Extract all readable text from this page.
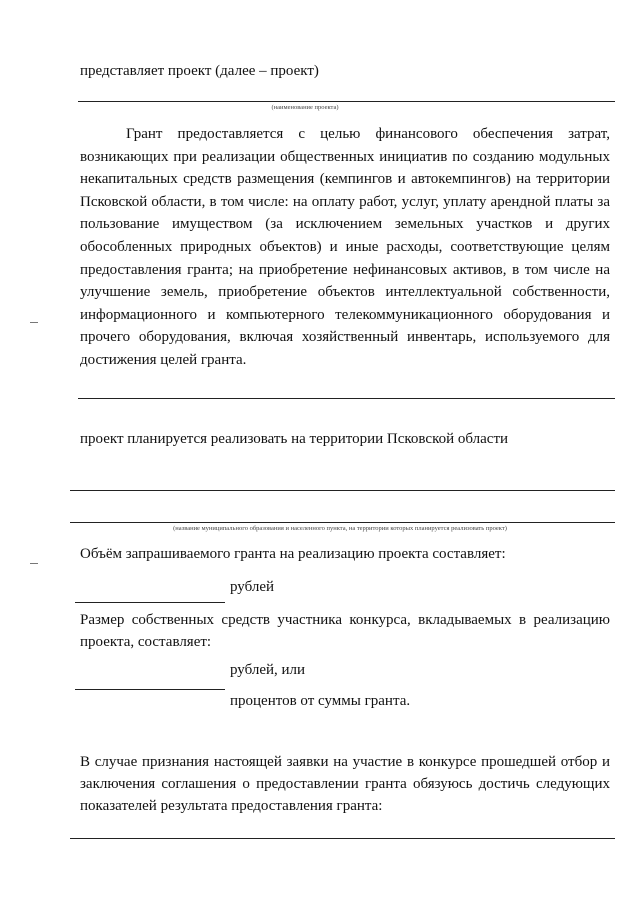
представляет проект (далее – проект)
(наименование проекта)

Грант предоставляется с целью финансового обеспечения затрат, возникающих при реализации общественных инициатив по созданию модульных некапитальных средств размещения (кемпингов и автокемпингов) на территории Псковской области, в том числе: на оплату работ, услуг, уплату арендной платы за пользование имуществом (за исключением земельных участков и других обособленных природных объектов) и иные расходы, соответствующие целям предоставления гранта; на приобретение нефинансовых активов, в том числе на улучшение земель, приобретение объектов интеллектуальной собственности, информационного и компьютерного телекоммуникационного оборудования и прочего оборудования, включая хозяйственный инвентарь, используемого для достижения целей гранта.

проект планируется реализовать на территории Псковской области
(название муниципального образования и населенного пункта, на территории которых планируется реализовать проект)
Объём запрашиваемого гранта на реализацию проекта составляет:
рублей

Размер собственных средств участника конкурса, вкладываемых в реализацию проекта, составляет:

рублей, или
процентов от суммы гранта.

В случае признания настоящей заявки на участие в конкурсе прошедшей отбор и заключения соглашения о предоставлении гранта обязуюсь достичь следующих показателей результата предоставления гранта:
